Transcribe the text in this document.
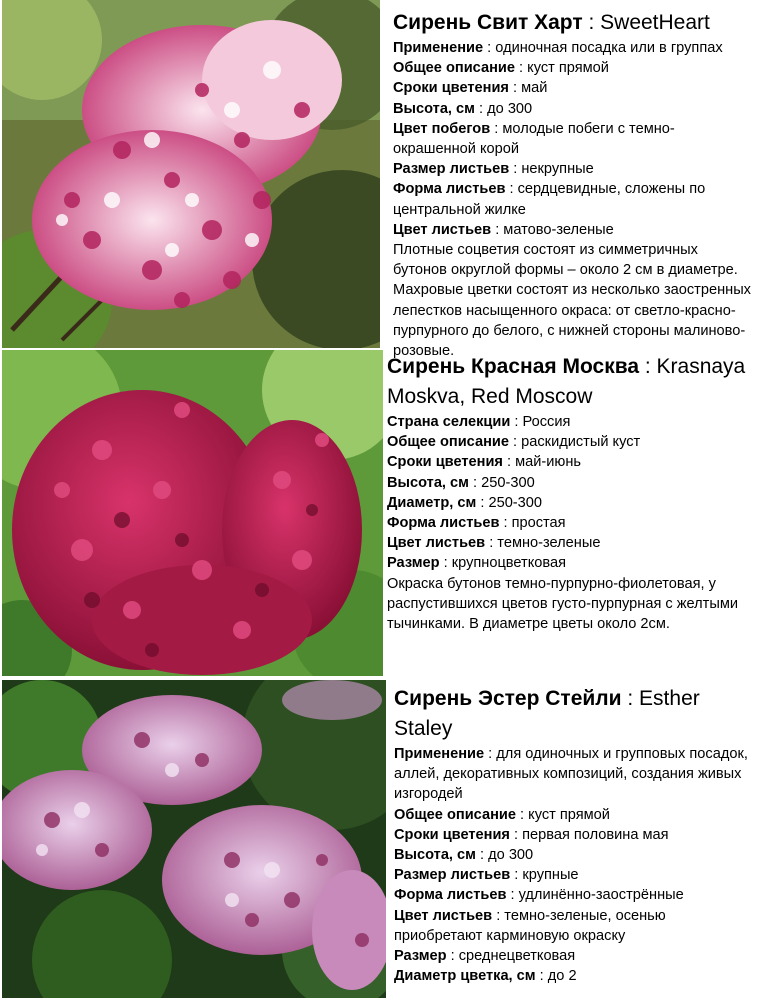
Сирень Свит Харт : SweetHeart
Применение : одиночная посадка или в группах
Общее описание : куст прямой
Сроки цветения : май
Высота, см : до 300
Цвет побегов : молодые побеги с темно-окрашенной корой
Размер листьев : некрупные
Форма листьев : сердцевидные, сложены по центральной жилке
Цвет листьев : матово-зеленые

Плотные соцветия состоят из симметричных бутонов округлой формы – около 2 см в диаметре. Махровые цветки состоят из несколько заостренных лепестков насыщенного окраса: от светло-красно-пурпурного до белого, с нижней стороны малиново-розовые.

Сирень Красная Москва : Krasnaya Moskva, Red Moscow
Страна селекции : Россия
Общее описание : раскидистый куст
Сроки цветения : май-июнь
Высота, см : 250-300
Диаметр, см : 250-300
Форма листьев : простая
Цвет листьев : темно-зеленые
Размер : крупноцветковая

Окраска бутонов темно-пурпурно-фиолетовая, у распустившихся цветов густо-пурпурная с желтыми тычинками. В диаметре цветы около 2см.

Сирень Эстер Стейли : Esther Staley
Применение : для одиночных и групповых посадок, аллей, декоративных композиций, создания живых изгородей
Общее описание : куст прямой
Сроки цветения : первая половина мая
Высота, см : до 300
Размер листьев : крупные
Форма листьев : удлинённо-заострённые
Цвет листьев : темно-зеленые, осенью приобретают карминовую окраску
Размер : среднецветковая
Диаметр цветка, см : до 2
